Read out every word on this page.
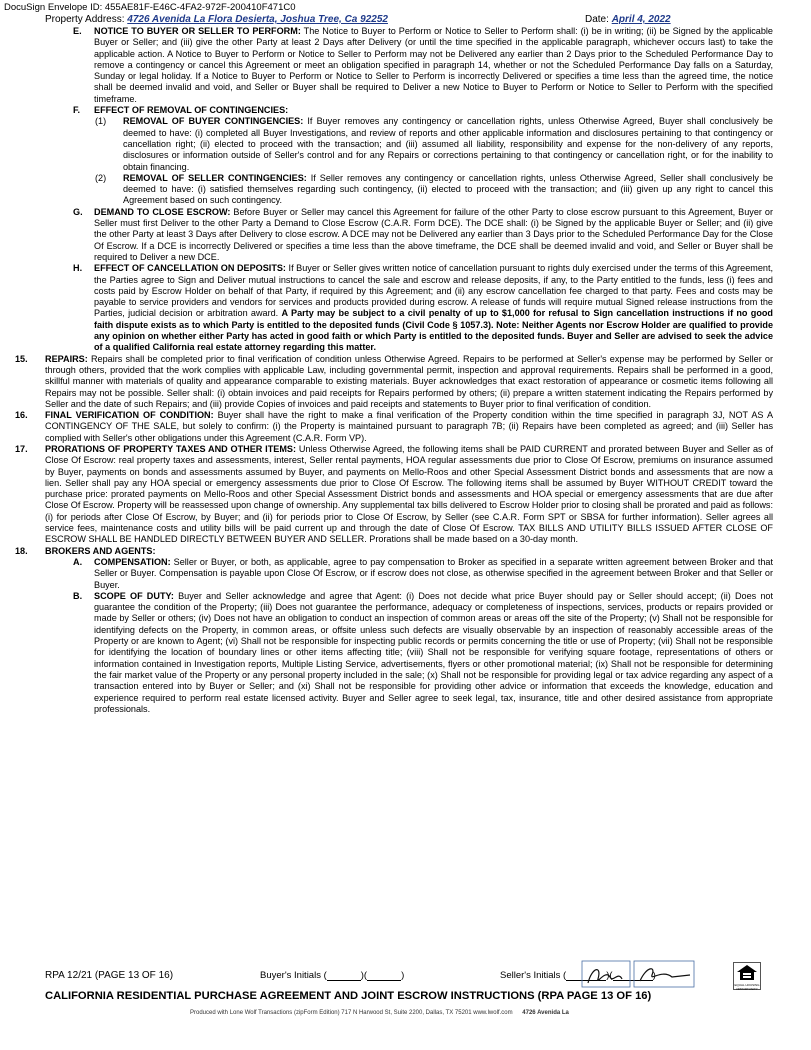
DocuSign Envelope ID: 455AE81F-E46C-4FA2-972F-200410F471C0
Property Address: 4726 Avenida La Flora Desierta, Joshua Tree, Ca 92252	Date: April 4, 2022
E. NOTICE TO BUYER OR SELLER TO PERFORM: The Notice to Buyer to Perform or Notice to Seller to Perform shall: (i) be in writing; (ii) be Signed by the applicable Buyer or Seller; and (iii) give the other Party at least 2 Days after Delivery (or until the time specified in the applicable paragraph, whichever occurs last) to take the applicable action. A Notice to Buyer to Perform or Notice to Seller to Perform may not be Delivered any earlier than 2 Days prior to the Scheduled Performance Day to remove a contingency or cancel this Agreement or meet an obligation specified in paragraph 14, whether or not the Scheduled Performance Day falls on a Saturday, Sunday or legal holiday. If a Notice to Buyer to Perform or Notice to Seller to Perform is incorrectly Delivered or specifies a time less than the agreed time, the notice shall be deemed invalid and void, and Seller or Buyer shall be required to Deliver a new Notice to Buyer to Perform or Notice to Seller to Perform with the specified timeframe.
F. EFFECT OF REMOVAL OF CONTINGENCIES:
(1) REMOVAL OF BUYER CONTINGENCIES: If Buyer removes any contingency or cancellation rights, unless Otherwise Agreed, Buyer shall conclusively be deemed to have: (i) completed all Buyer Investigations, and review of reports and other applicable information and disclosures pertaining to that contingency or cancellation right; (ii) elected to proceed with the transaction; and (iii) assumed all liability, responsibility and expense for the non-delivery of any reports, disclosures or information outside of Seller's control and for any Repairs or corrections pertaining to that contingency or cancellation right, or for the inability to obtain financing.
(2) REMOVAL OF SELLER CONTINGENCIES: If Seller removes any contingency or cancellation rights, unless Otherwise Agreed, Seller shall conclusively be deemed to have: (i) satisfied themselves regarding such contingency, (ii) elected to proceed with the transaction; and (iii) given up any right to cancel this Agreement based on such contingency.
G. DEMAND TO CLOSE ESCROW: Before Buyer or Seller may cancel this Agreement for failure of the other Party to close escrow pursuant to this Agreement, Buyer or Seller must first Deliver to the other Party a Demand to Close Escrow (C.A.R. Form DCE). The DCE shall: (i) be Signed by the applicable Buyer or Seller; and (ii) give the other Party at least 3 Days after Delivery to close escrow. A DCE may not be Delivered any earlier than 3 Days prior to the Scheduled Performance Day for the Close Of Escrow. If a DCE is incorrectly Delivered or specifies a time less than the above timeframe, the DCE shall be deemed invalid and void, and Seller or Buyer shall be required to Deliver a new DCE.
H. EFFECT OF CANCELLATION ON DEPOSITS: If Buyer or Seller gives written notice of cancellation pursuant to rights duly exercised under the terms of this Agreement, the Parties agree to Sign and Deliver mutual instructions to cancel the sale and escrow and release deposits, if any, to the Party entitled to the funds, less (i) fees and costs paid by Escrow Holder on behalf of that Party, if required by this Agreement; and (ii) any escrow cancellation fee charged to that party. Fees and costs may be payable to service providers and vendors for services and products provided during escrow. A release of funds will require mutual Signed release instructions from the Parties, judicial decision or arbitration award. A Party may be subject to a civil penalty of up to $1,000 for refusal to Sign cancellation instructions if no good faith dispute exists as to which Party is entitled to the deposited funds (Civil Code § 1057.3). Note: Neither Agents nor Escrow Holder are qualified to provide any opinion on whether either Party has acted in good faith or which Party is entitled to the deposited funds. Buyer and Seller are advised to seek the advice of a qualified California real estate attorney regarding this matter.
15. REPAIRS: Repairs shall be completed prior to final verification of condition unless Otherwise Agreed. Repairs to be performed at Seller's expense may be performed by Seller or through others, provided that the work complies with applicable Law, including governmental permit, inspection and approval requirements. Repairs shall be performed in a good, skillful manner with materials of quality and appearance comparable to existing materials. Buyer acknowledges that exact restoration of appearance or cosmetic items following all Repairs may not be possible. Seller shall: (i) obtain invoices and paid receipts for Repairs performed by others; (ii) prepare a written statement indicating the Repairs performed by Seller and the date of such Repairs; and (iii) provide Copies of invoices and paid receipts and statements to Buyer prior to final verification of condition.
16. FINAL VERIFICATION OF CONDITION: Buyer shall have the right to make a final verification of the Property condition within the time specified in paragraph 3J, NOT AS A CONTINGENCY OF THE SALE, but solely to confirm: (i) the Property is maintained pursuant to paragraph 7B; (ii) Repairs have been completed as agreed; and (iii) Seller has complied with Seller's other obligations under this Agreement (C.A.R. Form VP).
17. PRORATIONS OF PROPERTY TAXES AND OTHER ITEMS: Unless Otherwise Agreed, the following items shall be PAID CURRENT and prorated between Buyer and Seller as of Close Of Escrow: real property taxes and assessments, interest, Seller rental payments, HOA regular assessments due prior to Close Of Escrow, premiums on insurance assumed by Buyer, payments on bonds and assessments assumed by Buyer, and payments on Mello-Roos and other Special Assessment District bonds and assessments that are now a lien. Seller shall pay any HOA special or emergency assessments due prior to Close Of Escrow. The following items shall be assumed by Buyer WITHOUT CREDIT toward the purchase price: prorated payments on Mello-Roos and other Special Assessment District bonds and assessments and HOA special or emergency assessments that are due after Close Of Escrow. Property will be reassessed upon change of ownership. Any supplemental tax bills delivered to Escrow Holder prior to closing shall be prorated and paid as follows: (i) for periods after Close Of Escrow, by Buyer; and (ii) for periods prior to Close Of Escrow, by Seller (see C.A.R. Form SPT or SBSA for further information). Seller agrees all service fees, maintenance costs and utility bills will be paid current up and through the date of Close Of Escrow. TAX BILLS AND UTILITY BILLS ISSUED AFTER CLOSE OF ESCROW SHALL BE HANDLED DIRECTLY BETWEEN BUYER AND SELLER. Prorations shall be made based on a 30-day month.
18. BROKERS AND AGENTS:
A. COMPENSATION: Seller or Buyer, or both, as applicable, agree to pay compensation to Broker as specified in a separate written agreement between Broker and that Seller or Buyer. Compensation is payable upon Close Of Escrow, or if escrow does not close, as otherwise specified in the agreement between Broker and that Seller or Buyer.
B. SCOPE OF DUTY: Buyer and Seller acknowledge and agree that Agent: (i) Does not decide what price Buyer should pay or Seller should accept; (ii) Does not guarantee the condition of the Property; (iii) Does not guarantee the performance, adequacy or completeness of inspections, services, products or repairs provided or made by Seller or others; (iv) Does not have an obligation to conduct an inspection of common areas or areas off the site of the Property; (v) Shall not be responsible for identifying defects on the Property, in common areas, or offsite unless such defects are visually observable by an inspection of reasonably accessible areas of the Property or are known to Agent; (vi) Shall not be responsible for inspecting public records or permits concerning the title or use of Property; (vii) Shall not be responsible for identifying the location of boundary lines or other items affecting title; (viii) Shall not be responsible for verifying square footage, representations of others or information contained in Investigation reports, Multiple Listing Service, advertisements, flyers or other promotional material; (ix) Shall not be responsible for determining the fair market value of the Property or any personal property included in the sale; (x) Shall not be responsible for providing legal or tax advice regarding any aspect of a transaction entered into by Buyer or Seller; and (xi) Shall not be responsible for providing other advice or information that exceeds the knowledge, education and experience required to perform real estate licensed activity. Buyer and Seller agree to seek legal, tax, insurance, title and other desired assistance from appropriate professionals.
RPA 12/21 (PAGE 13 OF 16)	Buyer's Initials (	)(	)	Seller's Initials (	)(	)
EQUAL HOUSING OPPORTUNITY
CALIFORNIA RESIDENTIAL PURCHASE AGREEMENT AND JOINT ESCROW INSTRUCTIONS (RPA PAGE 13 OF 16)
Produced with Lone Wolf Transactions (zipForm Edition) 717 N Harwood St, Suite 2200, Dallas, TX 75201 www.lwolf.com 4726 Avenida La
